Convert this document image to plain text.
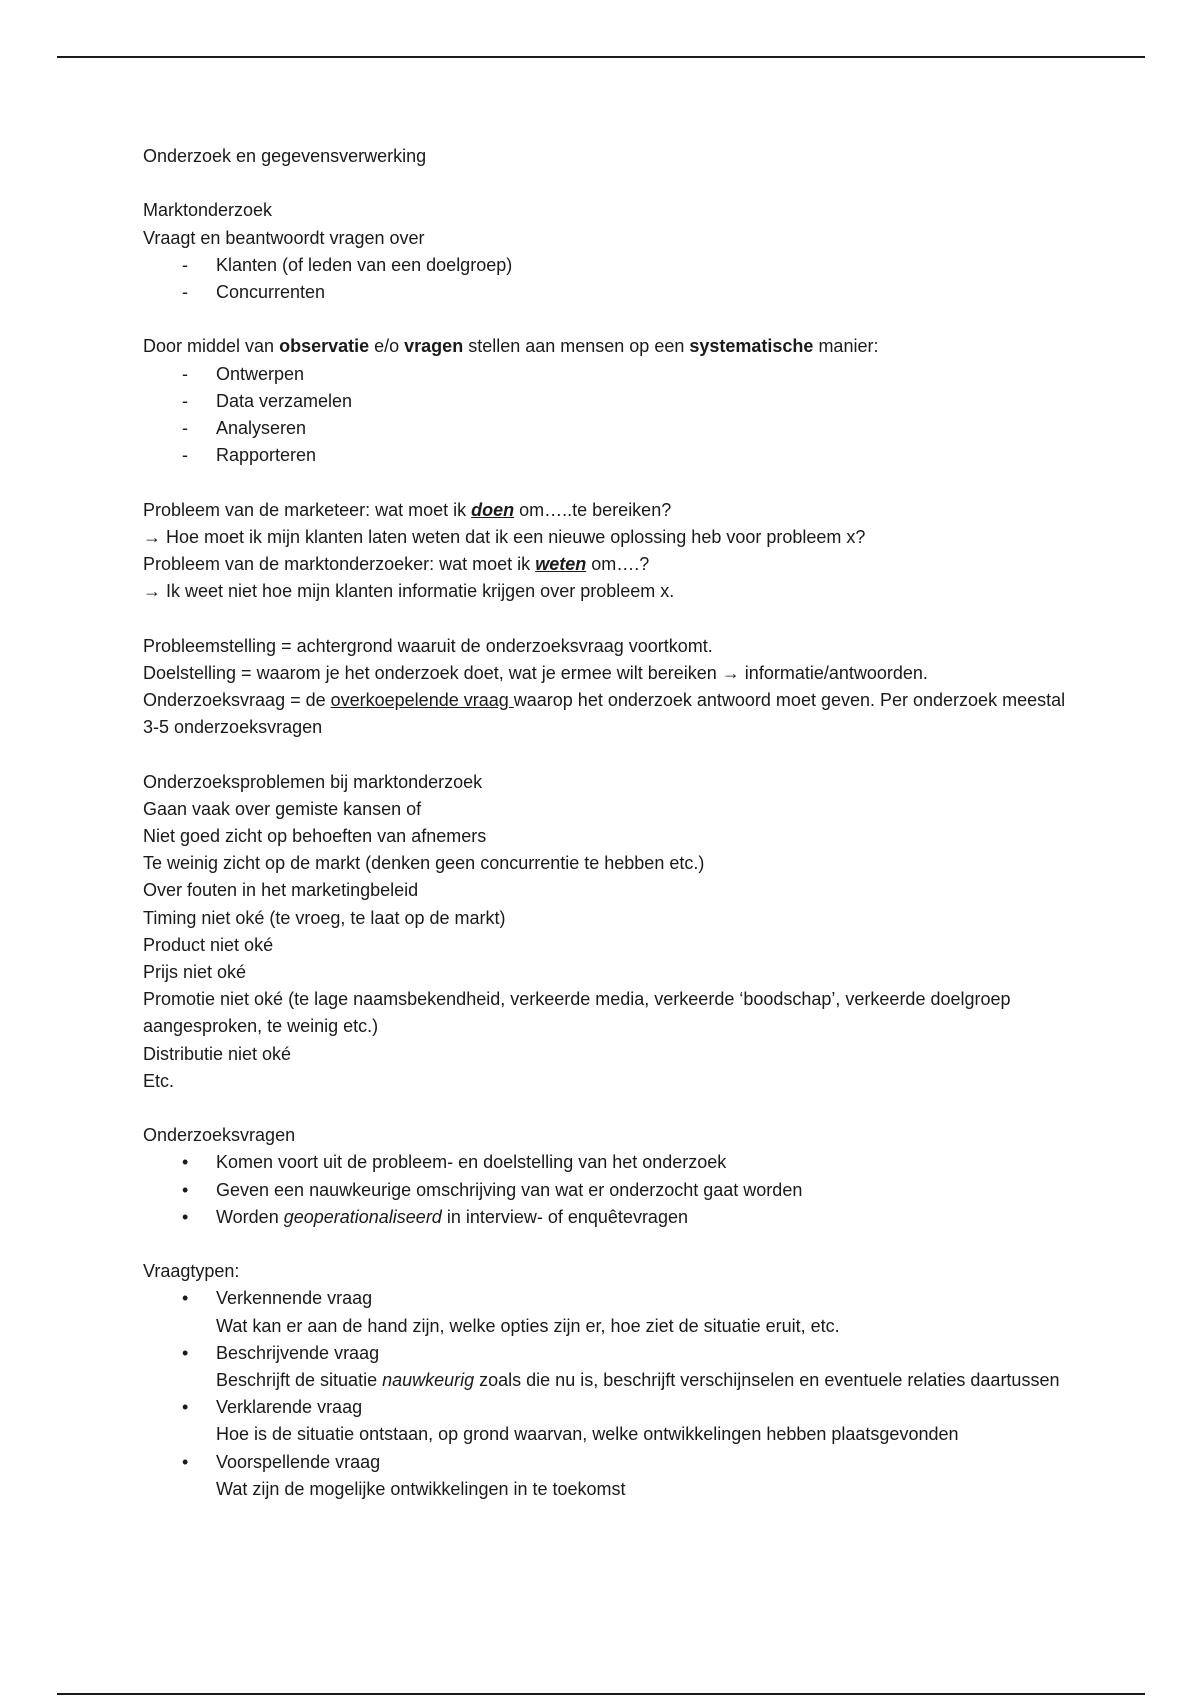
Onderzoek en gegevensverwerking

Marktonderzoek

Vraagt en beantwoordt vragen over

- Klanten (of leden van een doelgroep)
- Concurrenten

Door middel van observatie e/o vragen stellen aan mensen op een systematische manier:

- Ontwerpen
- Data verzamelen
- Analyseren
- Rapporteren

Probleem van de marketeer: wat moet ik doen om…..te bereiken?

→ Hoe moet ik mijn klanten laten weten dat ik een nieuwe oplossing heb voor probleem x?

Probleem van de marktonderzoeker: wat moet ik weten om….?

→ Ik weet niet hoe mijn klanten informatie krijgen over probleem x.

Probleemstelling = achtergrond waaruit de onderzoeksvraag voortkomt.

Doelstelling = waarom je het onderzoek doet, wat je ermee wilt bereiken → informatie/antwoorden.

Onderzoeksvraag = de overkoepelende vraag waarop het onderzoek antwoord moet geven. Per onderzoek meestal 3-5 onderzoeksvragen

Onderzoeksproblemen bij marktonderzoek

Gaan vaak over gemiste kansen of

Niet goed zicht op behoeften van afnemers

Te weinig zicht op de markt (denken geen concurrentie te hebben etc.)

Over fouten in het marketingbeleid

Timing niet oké (te vroeg, te laat op de markt)

Product niet oké

Prijs niet oké

Promotie niet oké (te lage naamsbekendheid, verkeerde media, verkeerde ‘boodschap’, verkeerde doelgroep aangesproken, te weinig etc.)

Distributie niet oké

Etc.

Onderzoeksvragen

• Komen voort uit de probleem- en doelstelling van het onderzoek
• Geven een nauwkeurige omschrijving van wat er onderzocht gaat worden
• Worden geoperationaliseerd in interview- of enquêtevragen

Vraagtypen:

• Verkennende vraag
Wat kan er aan de hand zijn, welke opties zijn er, hoe ziet de situatie eruit, etc.
• Beschrijvende vraag
Beschrijft de situatie nauwkeurig zoals die nu is, beschrijft verschijnselen en eventuele relaties daartussen
• Verklarende vraag
Hoe is de situatie ontstaan, op grond waarvan, welke ontwikkelingen hebben plaatsgevonden
• Voorspellende vraag
Wat zijn de mogelijke ontwikkelingen in te toekomst
